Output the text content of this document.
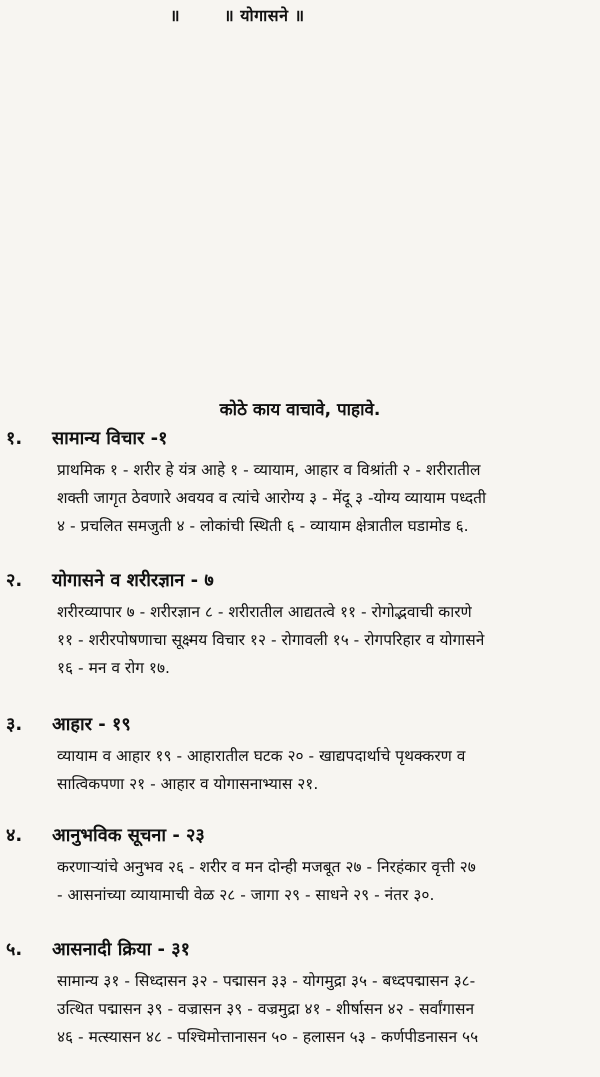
॥	॥ योगासने ॥
कोठे काय वाचावे, पाहावे.
१.	सामान्य विचार -१
प्राथमिक १ - शरीर हे यंत्र आहे १ - व्यायाम, आहार व विश्रांती २ - शरीरातील
शक्ती जागृत ठेवणारे अवयव व त्यांचे आरोग्य ३ - मेंदू ३ -योग्य व्यायाम पध्दती
४ - प्रचलित समजुती ४ - लोकांची स्थिती ६ - व्यायाम क्षेत्रातील घडामोड ६.
२.	योगासने व शरीरज्ञान - ७
शरीरव्यापार ७ - शरीरज्ञान ८ - शरीरातील आद्यतत्वे ११ - रोगोद्भवाची कारणे
११ - शरीरपोषणाचा सूक्ष्मय विचार १२ - रोगावली १५ - रोगपरिहार व योगासने
१६ - मन व रोग १७.
३.	आहार - १९
व्यायाम व आहार १९ - आहारातील घटक २० - खाद्यपदार्थाचे पृथक्करण व
सात्विकपणा २१ - आहार व योगासनाभ्यास २१.
४.	आनुभविक सूचना - २३
करणाऱ्यांचे अनुभव २६ - शरीर व मन दोन्ही मजबूत २७ - निरहंकार वृत्ती २७
- आसनांच्या व्यायामाची वेळ २८ - जागा २९ - साधने २९ - नंतर ३०.
५.	आसनादी क्रिया - ३१
सामान्य ३१ - सिध्दासन ३२ - पद्मासन ३३ - योगमुद्रा ३५ - बध्दपद्मासन ३८-
उत्थित पद्मासन ३९ - वज्रासन ३९ - वज्रमुद्रा ४१ - शीर्षासन ४२ - सर्वांगासन
४६ - मत्स्यासन ४८ - पश्चिमोत्तानासन ५० - हलासन ५३ - कर्णपीडनासन ५५
